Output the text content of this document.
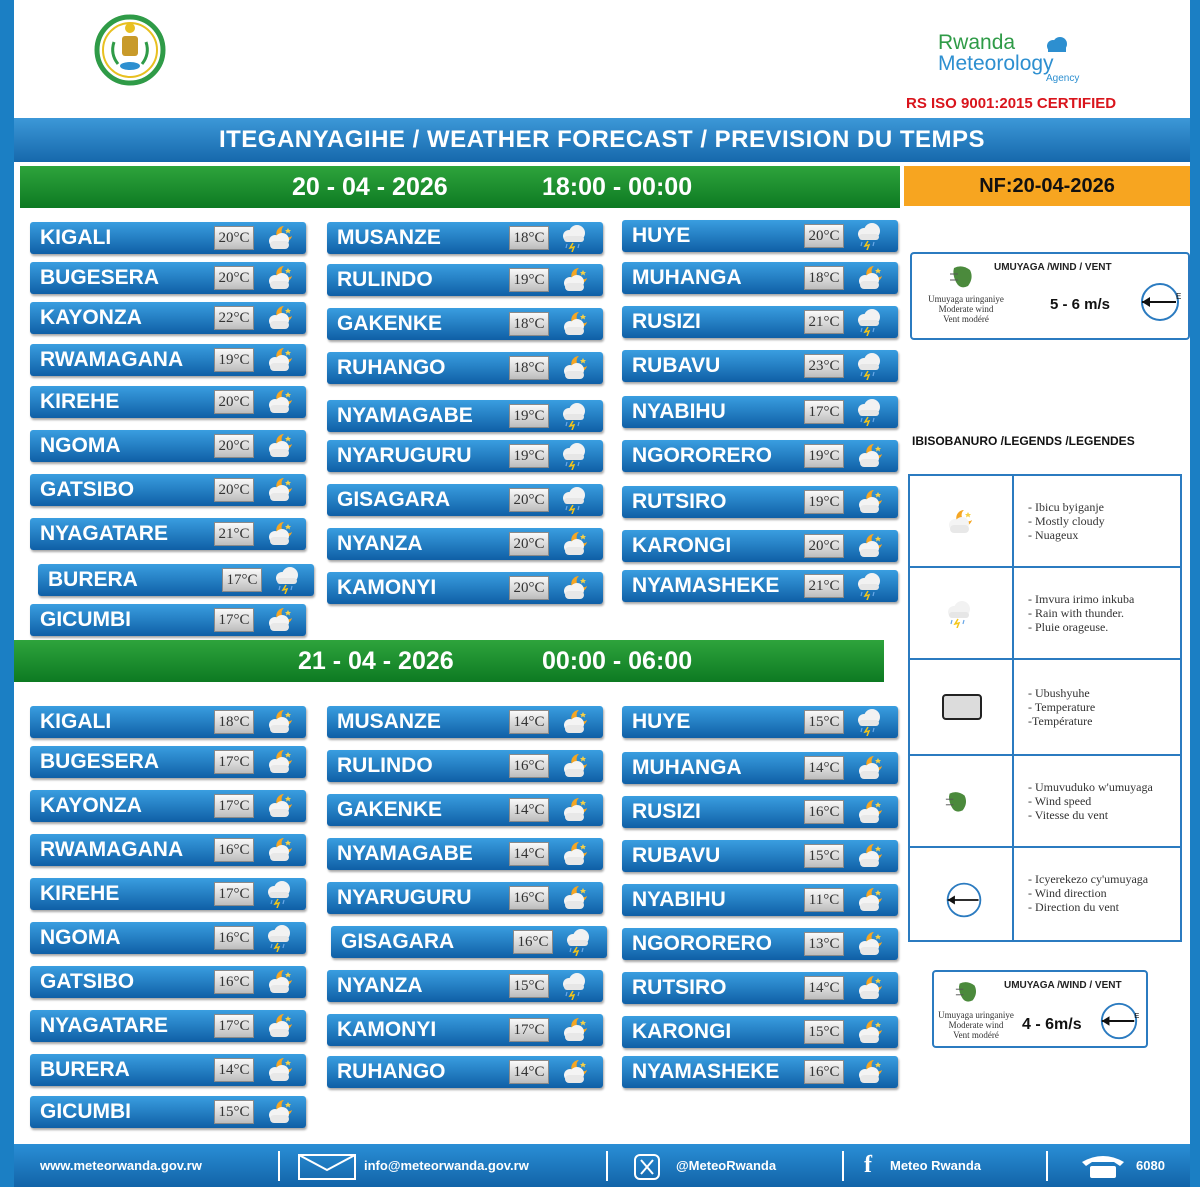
Rwanda
Meteorology
Agency
RS ISO 9001:2015 CERTIFIED
ITEGANYAGIHE / WEATHER FORECAST / PREVISION DU TEMPS
20 - 04 - 2026	18:00 - 00:00	NF:20-04-2026
21 - 04 - 2026	00:00 - 06:00
KIGALI	20°C
BUGESERA	20°C
KAYONZA	22°C
RWAMAGANA 19°C
KIREHE	20°C
NGOMA	20°C
GATSIBO	20°C
NYAGATARE	21°C
BURERA	17°C
GICUMBI	17°C
MUSANZE	18°C
RULINDO	19°C
GAKENKE	18°C
RUHANGO	18°C
NYAMAGABE	19°C
NYARUGURU	19°C
GISAGARA	20°C
NYANZA	20°C
KAMONYI	20°C
HUYE	20°C
MUHANGA	18°C
RUSIZI	21°C
RUBAVU	23°C
NYABIHU	17°C
NGORORERO 19°C
RUTSIRO	19°C
KARONGI	20°C
NYAMASHEKE 21°C
KIGALI	18°C
BUGESERA	17°C
KAYONZA	17°C
RWAMAGANA 16°C
KIREHE	17°C
NGOMA	16°C
GATSIBO	16°C
NYAGATARE	17°C
BURERA	14°C
GICUMBI	15°C
MUSANZE	14°C
RULINDO	16°C
GAKENKE	14°C
NYAMAGABE	14°C
NYARUGURU	16°C
GISAGARA	16°C
NYANZA	15°C
KAMONYI	17°C
RUHANGO	14°C
HUYE	15°C
MUHANGA	14°C
RUSIZI	16°C
RUBAVU	15°C
NYABIHU	11°C
NGORORERO 13°C
RUTSIRO	14°C
KARONGI	15°C
NYAMASHEKE 16°C
UMUYAGA /WIND / VENT
Umuyaga uringaniye
Moderate wind
Vent modéré
5 - 6 m/s	E
IBISOBANURO /LEGENDS /LEGENDES
- Ibicu byiganje
- Mostly cloudy
- Nuageux
- Imvura irimo inkuba
- Rain with thunder.
- Pluie orageuse.
- Ubushyuhe
- Temperature
-Température
- Umuvuduko w'umuyaga
- Wind speed
- Vitesse du vent
- Icyerekezo cy'umuyaga
- Wind direction
- Direction du vent
UMUYAGA /WIND / VENT
Umuyaga uringaniye
Moderate wind
Vent modéré
4 - 6m/s
E
www.meteorwanda.gov.rw	info@meteorwanda.gov.rw	@MeteoRwanda	f Meteo Rwanda	6080
